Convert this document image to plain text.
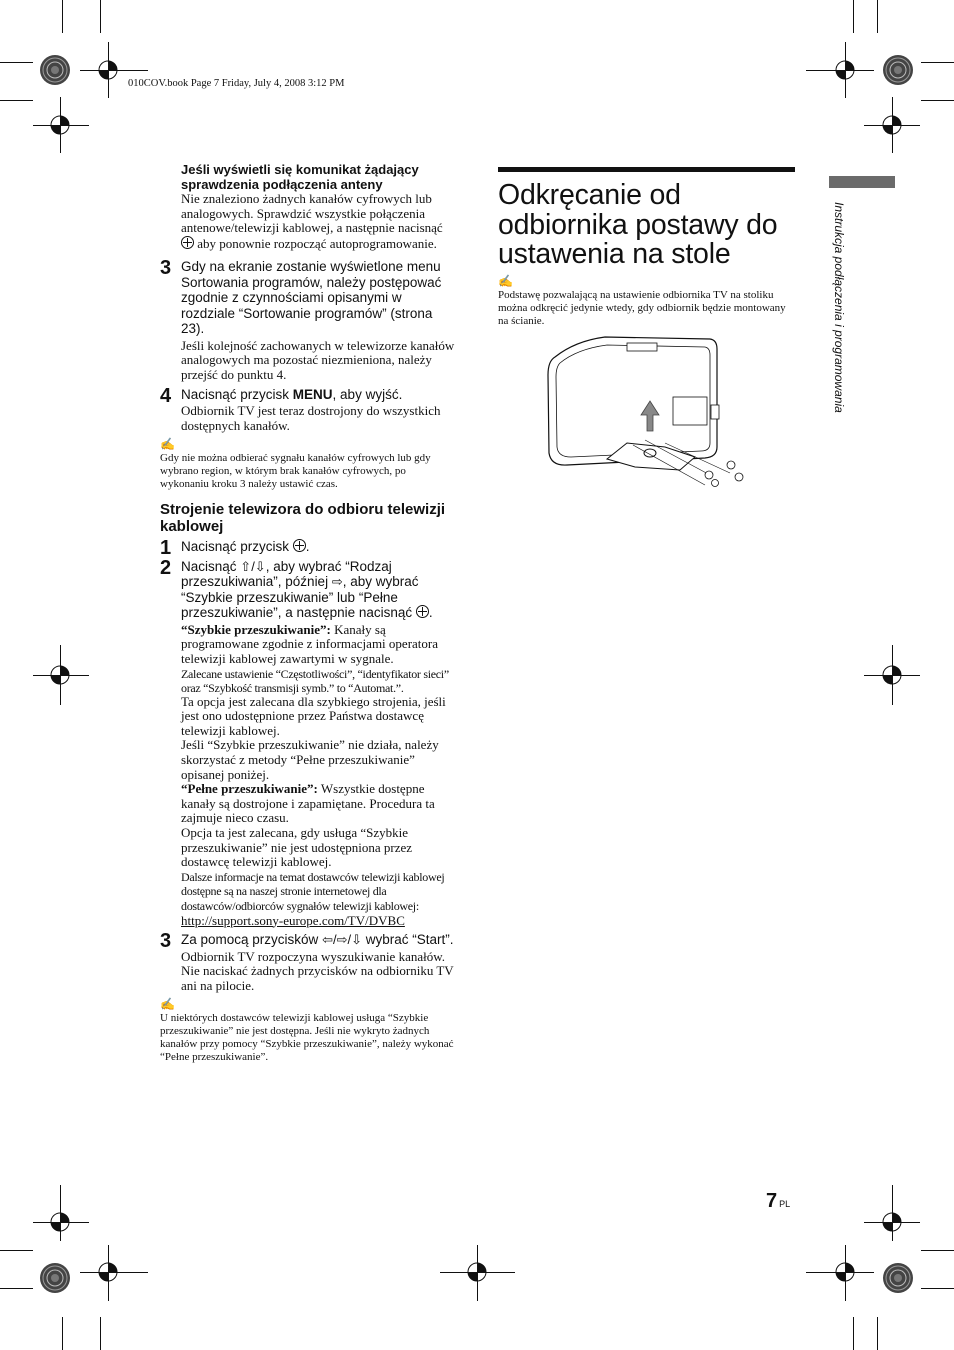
010COV.book Page 7 Friday, July 4, 2008 3:12 PM
Jeśli wyświetli się komunikat żądający sprawdzenia podłączenia anteny
Nie znaleziono żadnych kanałów cyfrowych lub analogowych. Sprawdzić wszystkie połączenia antenowe/telewizji kablowej, a następnie nacisnąć  aby ponownie rozpocząć autoprogramowanie.
3 Gdy na ekranie zostanie wyświetlone menu Sortowania programów, należy postępować zgodnie z czynnościami opisanymi w rozdziale “Sortowanie programów” (strona 23).
Jeśli kolejność zachowanych w telewizorze kanałów analogowych ma pozostać niezmieniona, należy przejść do punktu 4.
4 Nacisnąć przycisk MENU, aby wyjść.
Odbiornik TV jest teraz dostrojony do wszystkich dostępnych kanałów.
✍
Gdy nie można odbierać sygnału kanałów cyfrowych lub gdy wybrano region, w którym brak kanałów cyfrowych, po wykonaniu kroku 3 należy ustawić czas.
Strojenie telewizora do odbioru telewizji kablowej
1 Nacisnąć przycisk .
2 Nacisnąć ⇧/⇩, aby wybrać “Rodzaj przeszukiwania”, później ⇨, aby wybrać “Szybkie przeszukiwanie” lub “Pełne przeszukiwanie”, a następnie nacisnąć .
“Szybkie przeszukiwanie”: Kanały są programowane zgodnie z informacjami operatora telewizji kablowej zawartymi w sygnale.
Zalecane ustawienie “Częstotliwości”, “identyfikator sieci” oraz “Szybkość transmisji symb.” to “Automat.”.
Ta opcja jest zalecana dla szybkiego strojenia, jeśli jest ono udostępnione przez Państwa dostawcę telewizji kablowej.
Jeśli “Szybkie przeszukiwanie” nie działa, należy skorzystać z metody “Pełne przeszukiwanie” opisanej poniżej.
“Pełne przeszukiwanie”: Wszystkie dostępne kanały są dostrojone i zapamiętane. Procedura ta zajmuje nieco czasu.
Opcja ta jest zalecana, gdy usługa “Szybkie przeszukiwanie” nie jest udostępniona przez dostawcę telewizji kablowej.
Dalsze informacje na temat dostawców telewizji kablowej dostępne są na naszej stronie internetowej dla dostawców/odbiorców sygnałów telewizji kablowej:
http://support.sony-europe.com/TV/DVBC
3 Za pomocą przycisków ⇦/⇨/⇩ wybrać “Start”.
Odbiornik TV rozpoczyna wyszukiwanie kanałów. Nie naciskać żadnych przycisków na odbiorniku TV ani na pilocie.
✍
U niektórych dostawców telewizji kablowej usługa “Szybkie przeszukiwanie” nie jest dostępna. Jeśli nie wykryto żadnych kanałów przy pomocy “Szybkie przeszukiwanie”, należy wykonać “Pełne przeszukiwanie”.
Odkręcanie od odbiornika postawy do ustawenia na stole
✍
Podstawę pozwalającą na ustawienie odbiornika TV na stoliku można odkręcić jedynie wtedy, gdy odbiornik będzie montowany na ścianie.	Instrukcja podłączenia i programowania
7 PL
